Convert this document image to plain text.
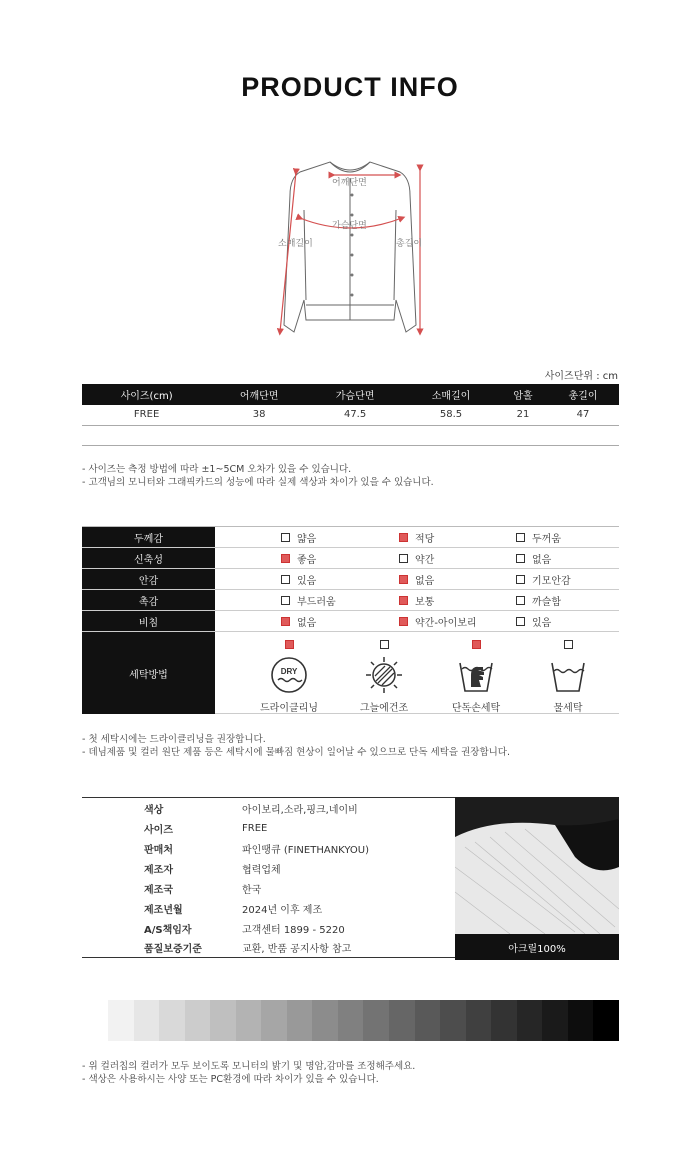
PRODUCT INFO
어깨단면
가슴단면
소매길이	총길이
사이즈단위 : cm
사이즈(cm)	어깨단면	가슴단면	소매길이	암홀	총길이
FREE	38	47.5	58.5	21	47

- 사이즈는 측정 방법에 따라 ±1~5CM 오차가 있을 수 있습니다.
- 고객님의 모니터와 그래픽카드의 성능에 따라 실제 색상과 차이가 있을 수 있습니다.
두께감	얇음	적당	두꺼움
신축성	좋음	약간	없음
안감	있음	없음	기모안감
촉감	부드러움	보통	까슬함
비침	없음	약간-아이보리	있음
세탁방법	DRY
드라이클리닝	그늘에건조	단독손세탁	물세탁
- 첫 세탁시에는 드라이클리닝을 권장합니다.
- 데님제품 및 컬러 원단 제품 등은 세탁시에 물빠짐 현상이 일어날 수 있으므로 단독 세탁을 권장합니다.
색상	아이보리,소라,핑크,네이비
사이즈	FREE
판매처	파인땡큐 (FINETHANKYOU)
제조자	협력업체
제조국	한국
제조년월	2024년 이후 제조
A/S책임자	고객센터 1899 - 5220
품질보증기준	교환, 반품 공지사항 참고	아크릴100%
- 위 컬러칩의 컬러가 모두 보이도록 모니터의 밝기 및 명암,감마를 조정해주세요.
- 색상은 사용하시는 사양 또는 PC환경에 따라 차이가 있을 수 있습니다.
